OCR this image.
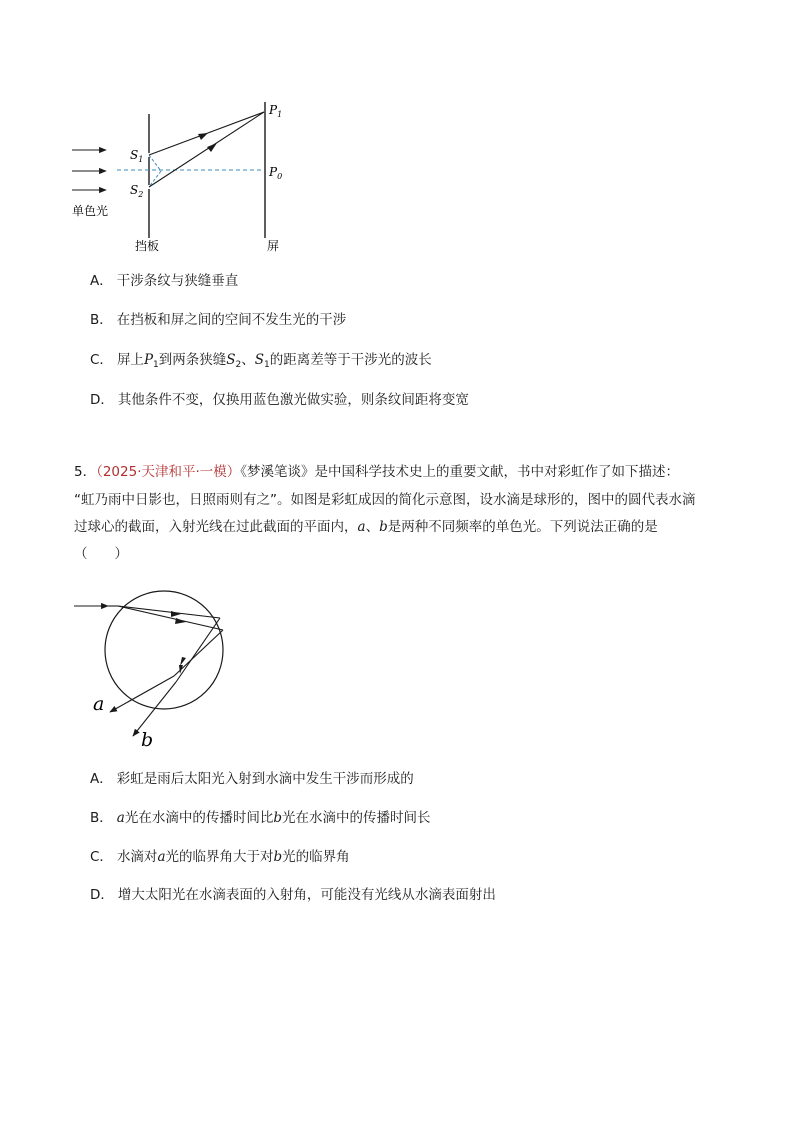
$S_1$
$S_2$
$P_1$
$P_0$
单色光
挡板	屏
A． 干涉条纹与狭缝垂直
B． 在挡板和屏之间的空间不发生光的干涉
C． 屏上$P_1$到两条狭缝$S_2$、$S_1$的距离差等于干涉光的波长
D． 其他条件不变，仅换用蓝色激光做实验，则条纹间距将变宽
5．（2025·天津和平·一模）《梦溪笔谈》是中国科学技术史上的重要文献，书中对彩虹作了如下描述：
“虹乃雨中日影也，日照雨则有之”。如图是彩虹成因的简化示意图，设水滴是球形的，图中的圆代表水滴
过球心的截面，入射光线在过此截面的平面内，a、b是两种不同频率的单色光。下列说法正确的是
（　　）
a
b
A． 彩虹是雨后太阳光入射到水滴中发生干涉而形成的
B． a光在水滴中的传播时间比b光在水滴中的传播时间长
C． 水滴对a光的临界角大于对b光的临界角
D． 增大太阳光在水滴表面的入射角，可能没有光线从水滴表面射出
